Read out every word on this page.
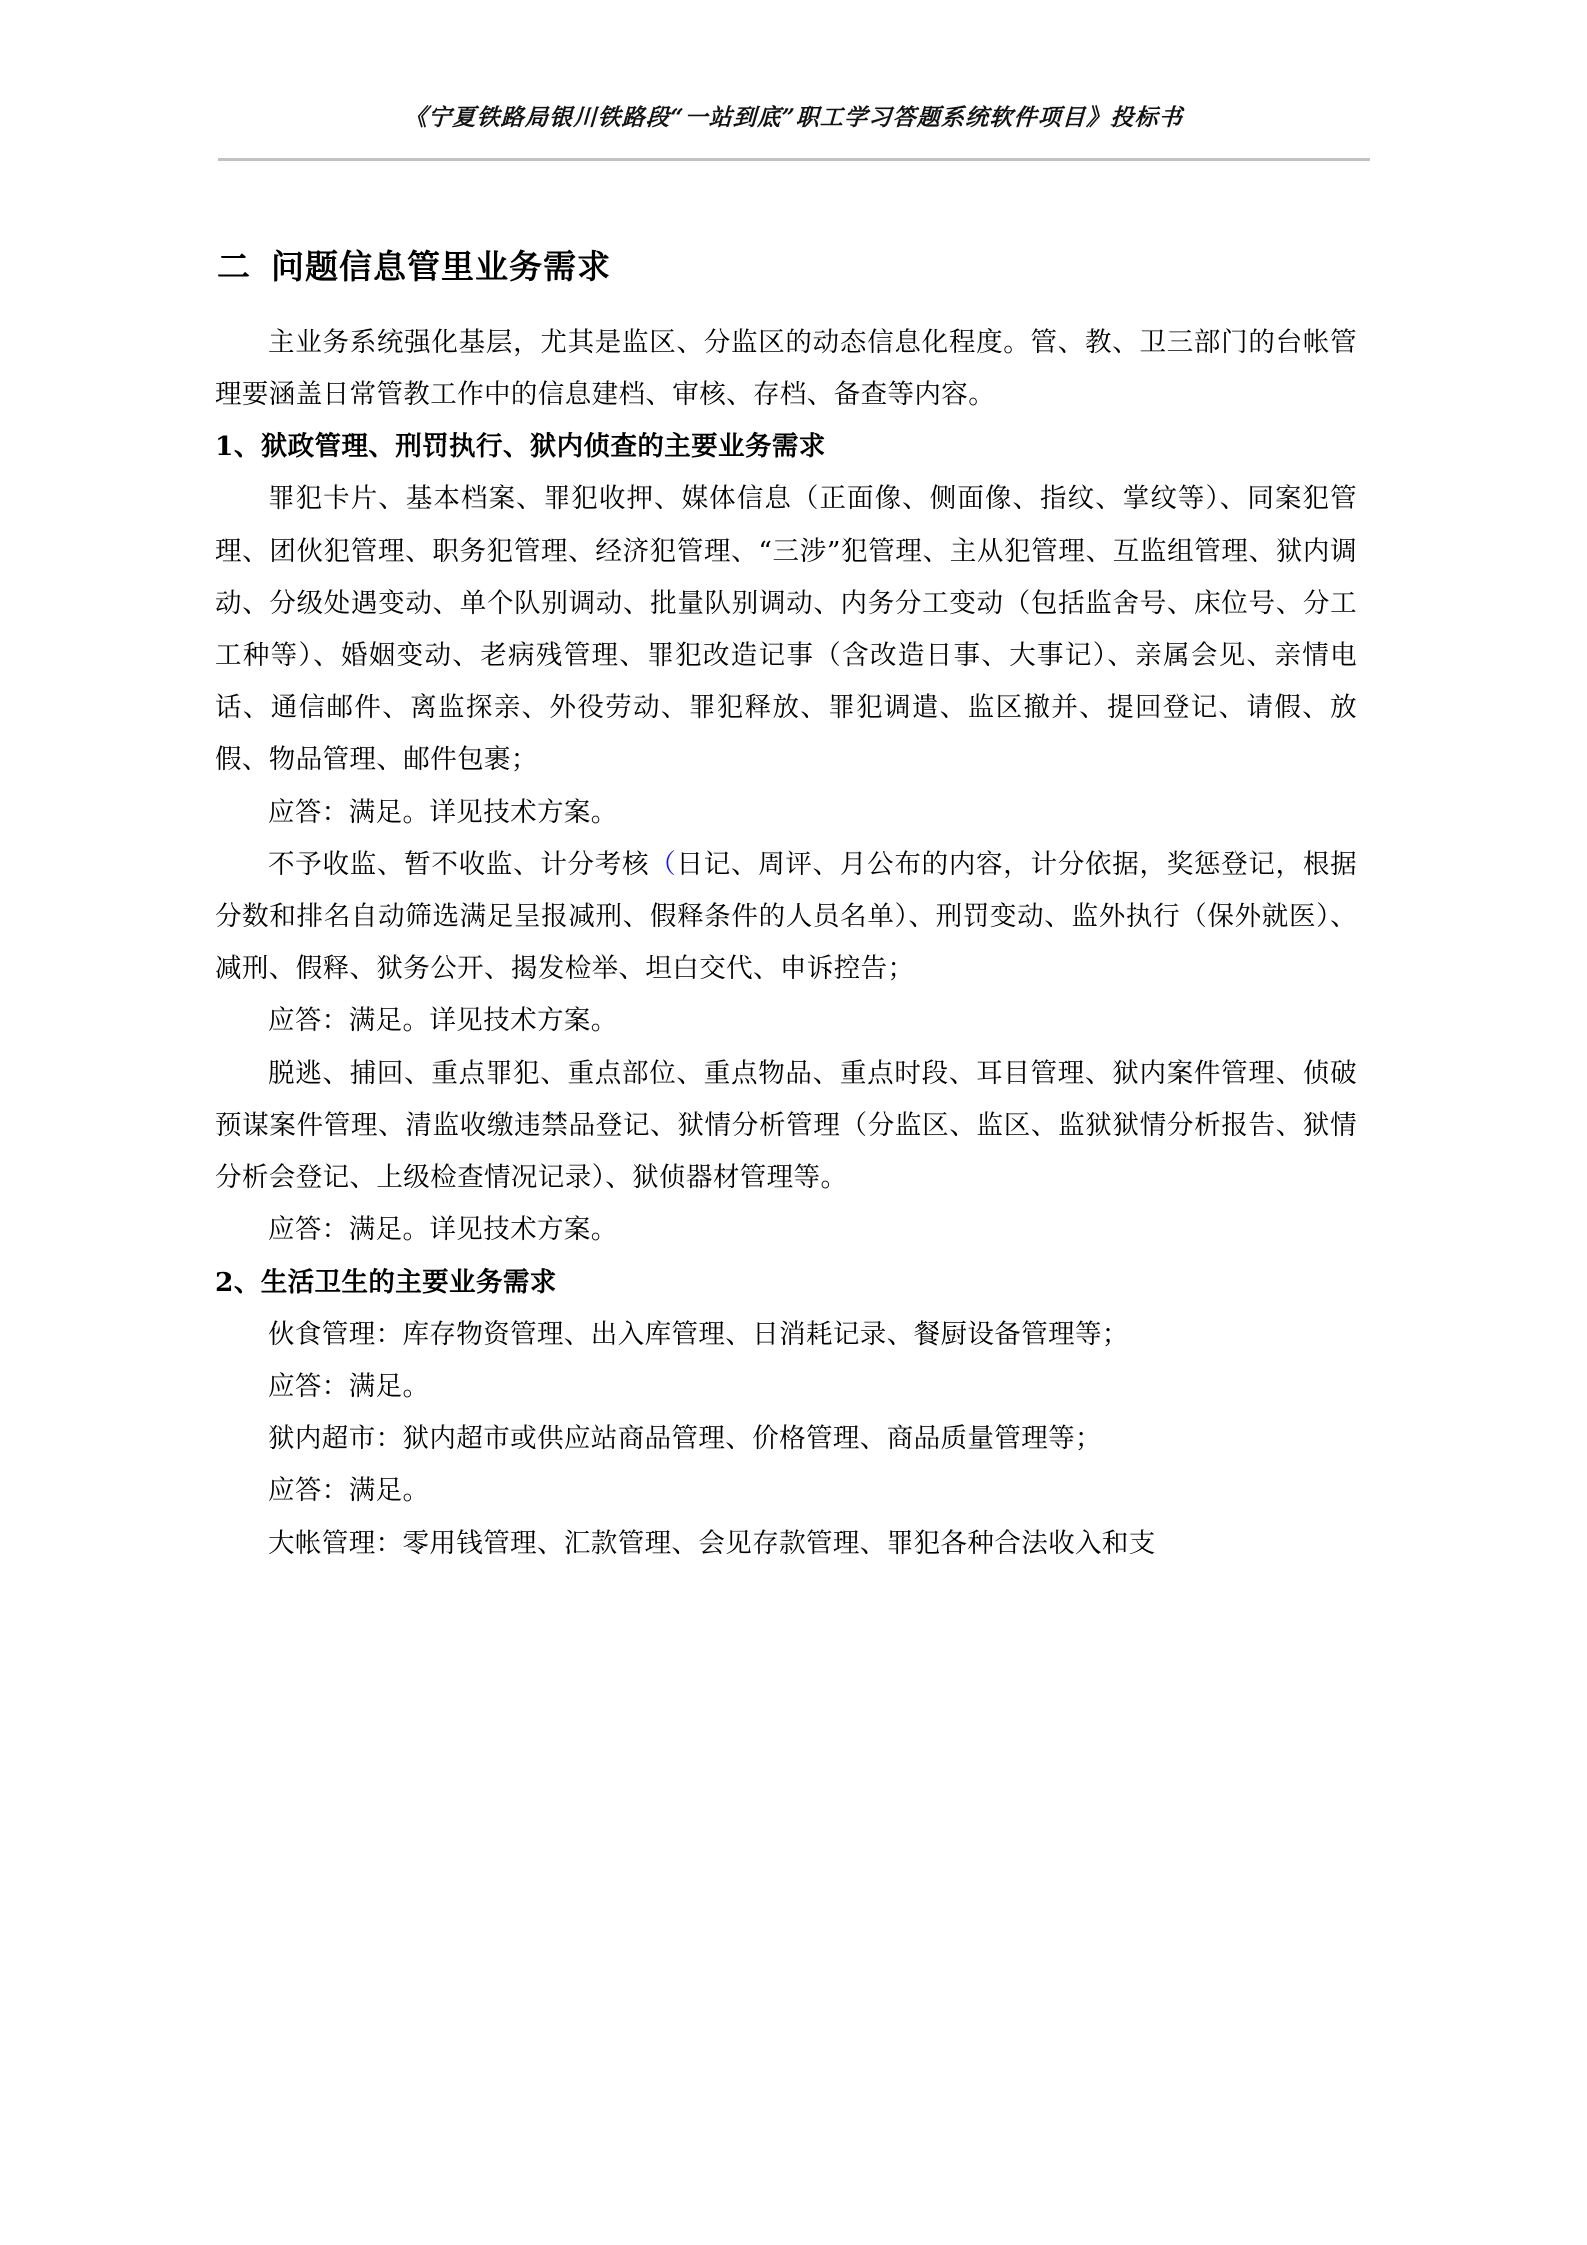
《宁夏铁路局银川铁路段“一站到底”职工学习答题系统软件项目》投标书
二 问题信息管里业务需求

主业务系统强化基层，尤其是监区、分监区的动态信息化程度。管、教、卫三部门的台帐管理要涵盖日常管教工作中的信息建档、审核、存档、备查等内容。

1、狱政管理、刑罚执行、狱内侦查的主要业务需求

罪犯卡片、基本档案、罪犯收押、媒体信息（正面像、侧面像、指纹、掌纹等）、同案犯管理、团伙犯管理、职务犯管理、经济犯管理、“三涉”犯管理、主从犯管理、互监组管理、狱内调动、分级处遇变动、单个队别调动、批量队别调动、内务分工变动（包括监舍号、床位号、分工工种等）、婚姻变动、老病残管理、罪犯改造记事（含改造日事、大事记）、亲属会见、亲情电话、通信邮件、离监探亲、外役劳动、罪犯释放、罪犯调遣、监区撤并、提回登记、请假、放假、物品管理、邮件包裹；

应答：满足。详见技术方案。

不予收监、暂不收监、计分考核（日记、周评、月公布的内容，计分依据，奖惩登记，根据分数和排名自动筛选满足呈报减刑、假释条件的人员名单）、刑罚变动、监外执行（保外就医）、减刑、假释、狱务公开、揭发检举、坦白交代、申诉控告；

应答：满足。详见技术方案。

脱逃、捕回、重点罪犯、重点部位、重点物品、重点时段、耳目管理、狱内案件管理、侦破预谋案件管理、清监收缴违禁品登记、狱情分析管理（分监区、监区、监狱狱情分析报告、狱情分析会登记、上级检查情况记录）、狱侦器材管理等。

应答：满足。详见技术方案。

2、生活卫生的主要业务需求

伙食管理：库存物资管理、出入库管理、日消耗记录、餐厨设备管理等；

应答：满足。

狱内超市：狱内超市或供应站商品管理、价格管理、商品质量管理等；

应答：满足。

大帐管理：零用钱管理、汇款管理、会见存款管理、罪犯各种合法收入和支
